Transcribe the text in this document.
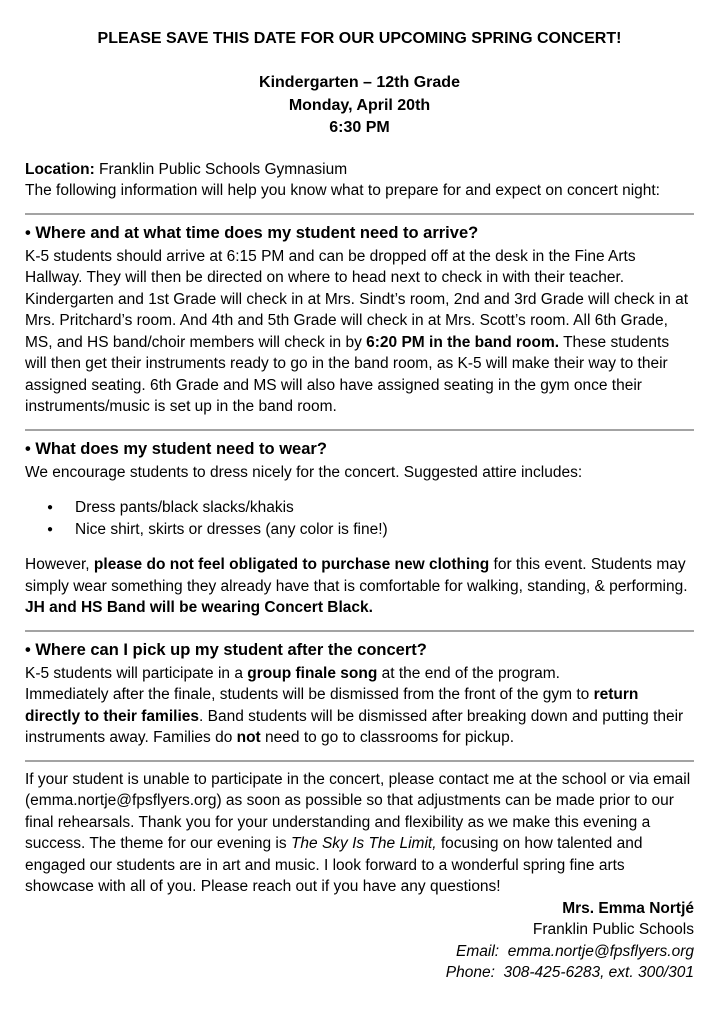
PLEASE SAVE THIS DATE FOR OUR UPCOMING SPRING CONCERT!

Kindergarten – 12th Grade
Monday, April 20th
6:30 PM

Location: Franklin Public Schools Gymnasium

The following information will help you know what to prepare for and expect on concert night:

• Where and at what time does my student need to arrive?

K-5 students should arrive at 6:15 PM and can be dropped off at the desk in the Fine Arts Hallway. They will then be directed on where to head next to check in with their teacher. Kindergarten and 1st Grade will check in at Mrs. Sindt’s room, 2nd and 3rd Grade will check in at Mrs. Pritchard’s room. And 4th and 5th Grade will check in at Mrs. Scott’s room. All 6th Grade, MS, and HS band/choir members will check in by 6:20 PM in the band room. These students will then get their instruments ready to go in the band room, as K-5 will make their way to their assigned seating. 6th Grade and MS will also have assigned seating in the gym once their instruments/music is set up in the band room.

• What does my student need to wear?

We encourage students to dress nicely for the concert. Suggested attire includes:

● Dress pants/black slacks/khakis
● Nice shirt, skirts or dresses (any color is fine!)

However, please do not feel obligated to purchase new clothing for this event. Students may simply wear something they already have that is comfortable for walking, standing, & performing. JH and HS Band will be wearing Concert Black.

• Where can I pick up my student after the concert?

K-5 students will participate in a group finale song at the end of the program.
Immediately after the finale, students will be dismissed from the front of the gym to return directly to their families. Band students will be dismissed after breaking down and putting their instruments away. Families do not need to go to classrooms for pickup.

If your student is unable to participate in the concert, please contact me at the school or via email (emma.nortje@fpsflyers.org) as soon as possible so that adjustments can be made prior to our final rehearsals. Thank you for your understanding and flexibility as we make this evening a success. The theme for our evening is The Sky Is The Limit, focusing on how talented and engaged our students are in art and music. I look forward to a wonderful spring fine arts showcase with all of you. Please reach out if you have any questions!

Mrs. Emma Nortjé
Franklin Public Schools
Email:  emma.nortje@fpsflyers.org
Phone:  308-425-6283, ext. 300/301
